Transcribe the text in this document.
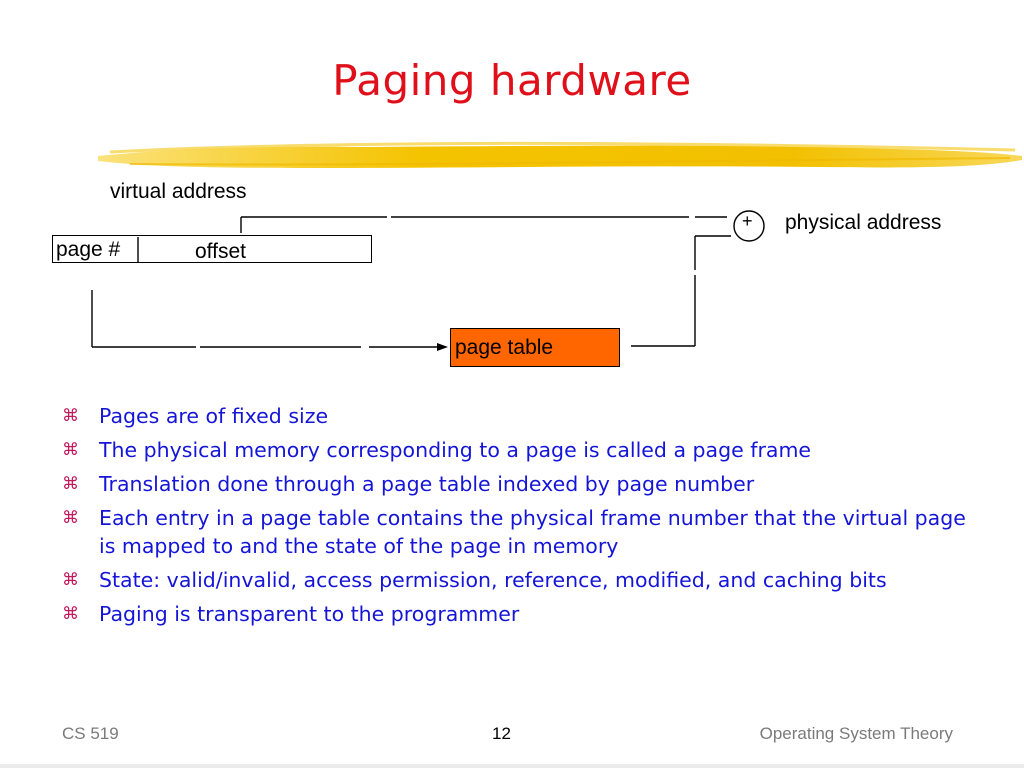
Paging hardware
virtual address
physical address
+
page #	offset
page table
⌘ Pages are of fixed size
⌘ The physical memory corresponding to a page is called a page frame
⌘ Translation done through a page table indexed by page number
⌘ Each entry in a page table contains the physical frame number that the virtual page is mapped to and the state of the page in memory
⌘ State: valid/invalid, access permission, reference, modified, and caching bits
⌘ Paging is transparent to the programmer
CS 519	12	Operating System Theory
